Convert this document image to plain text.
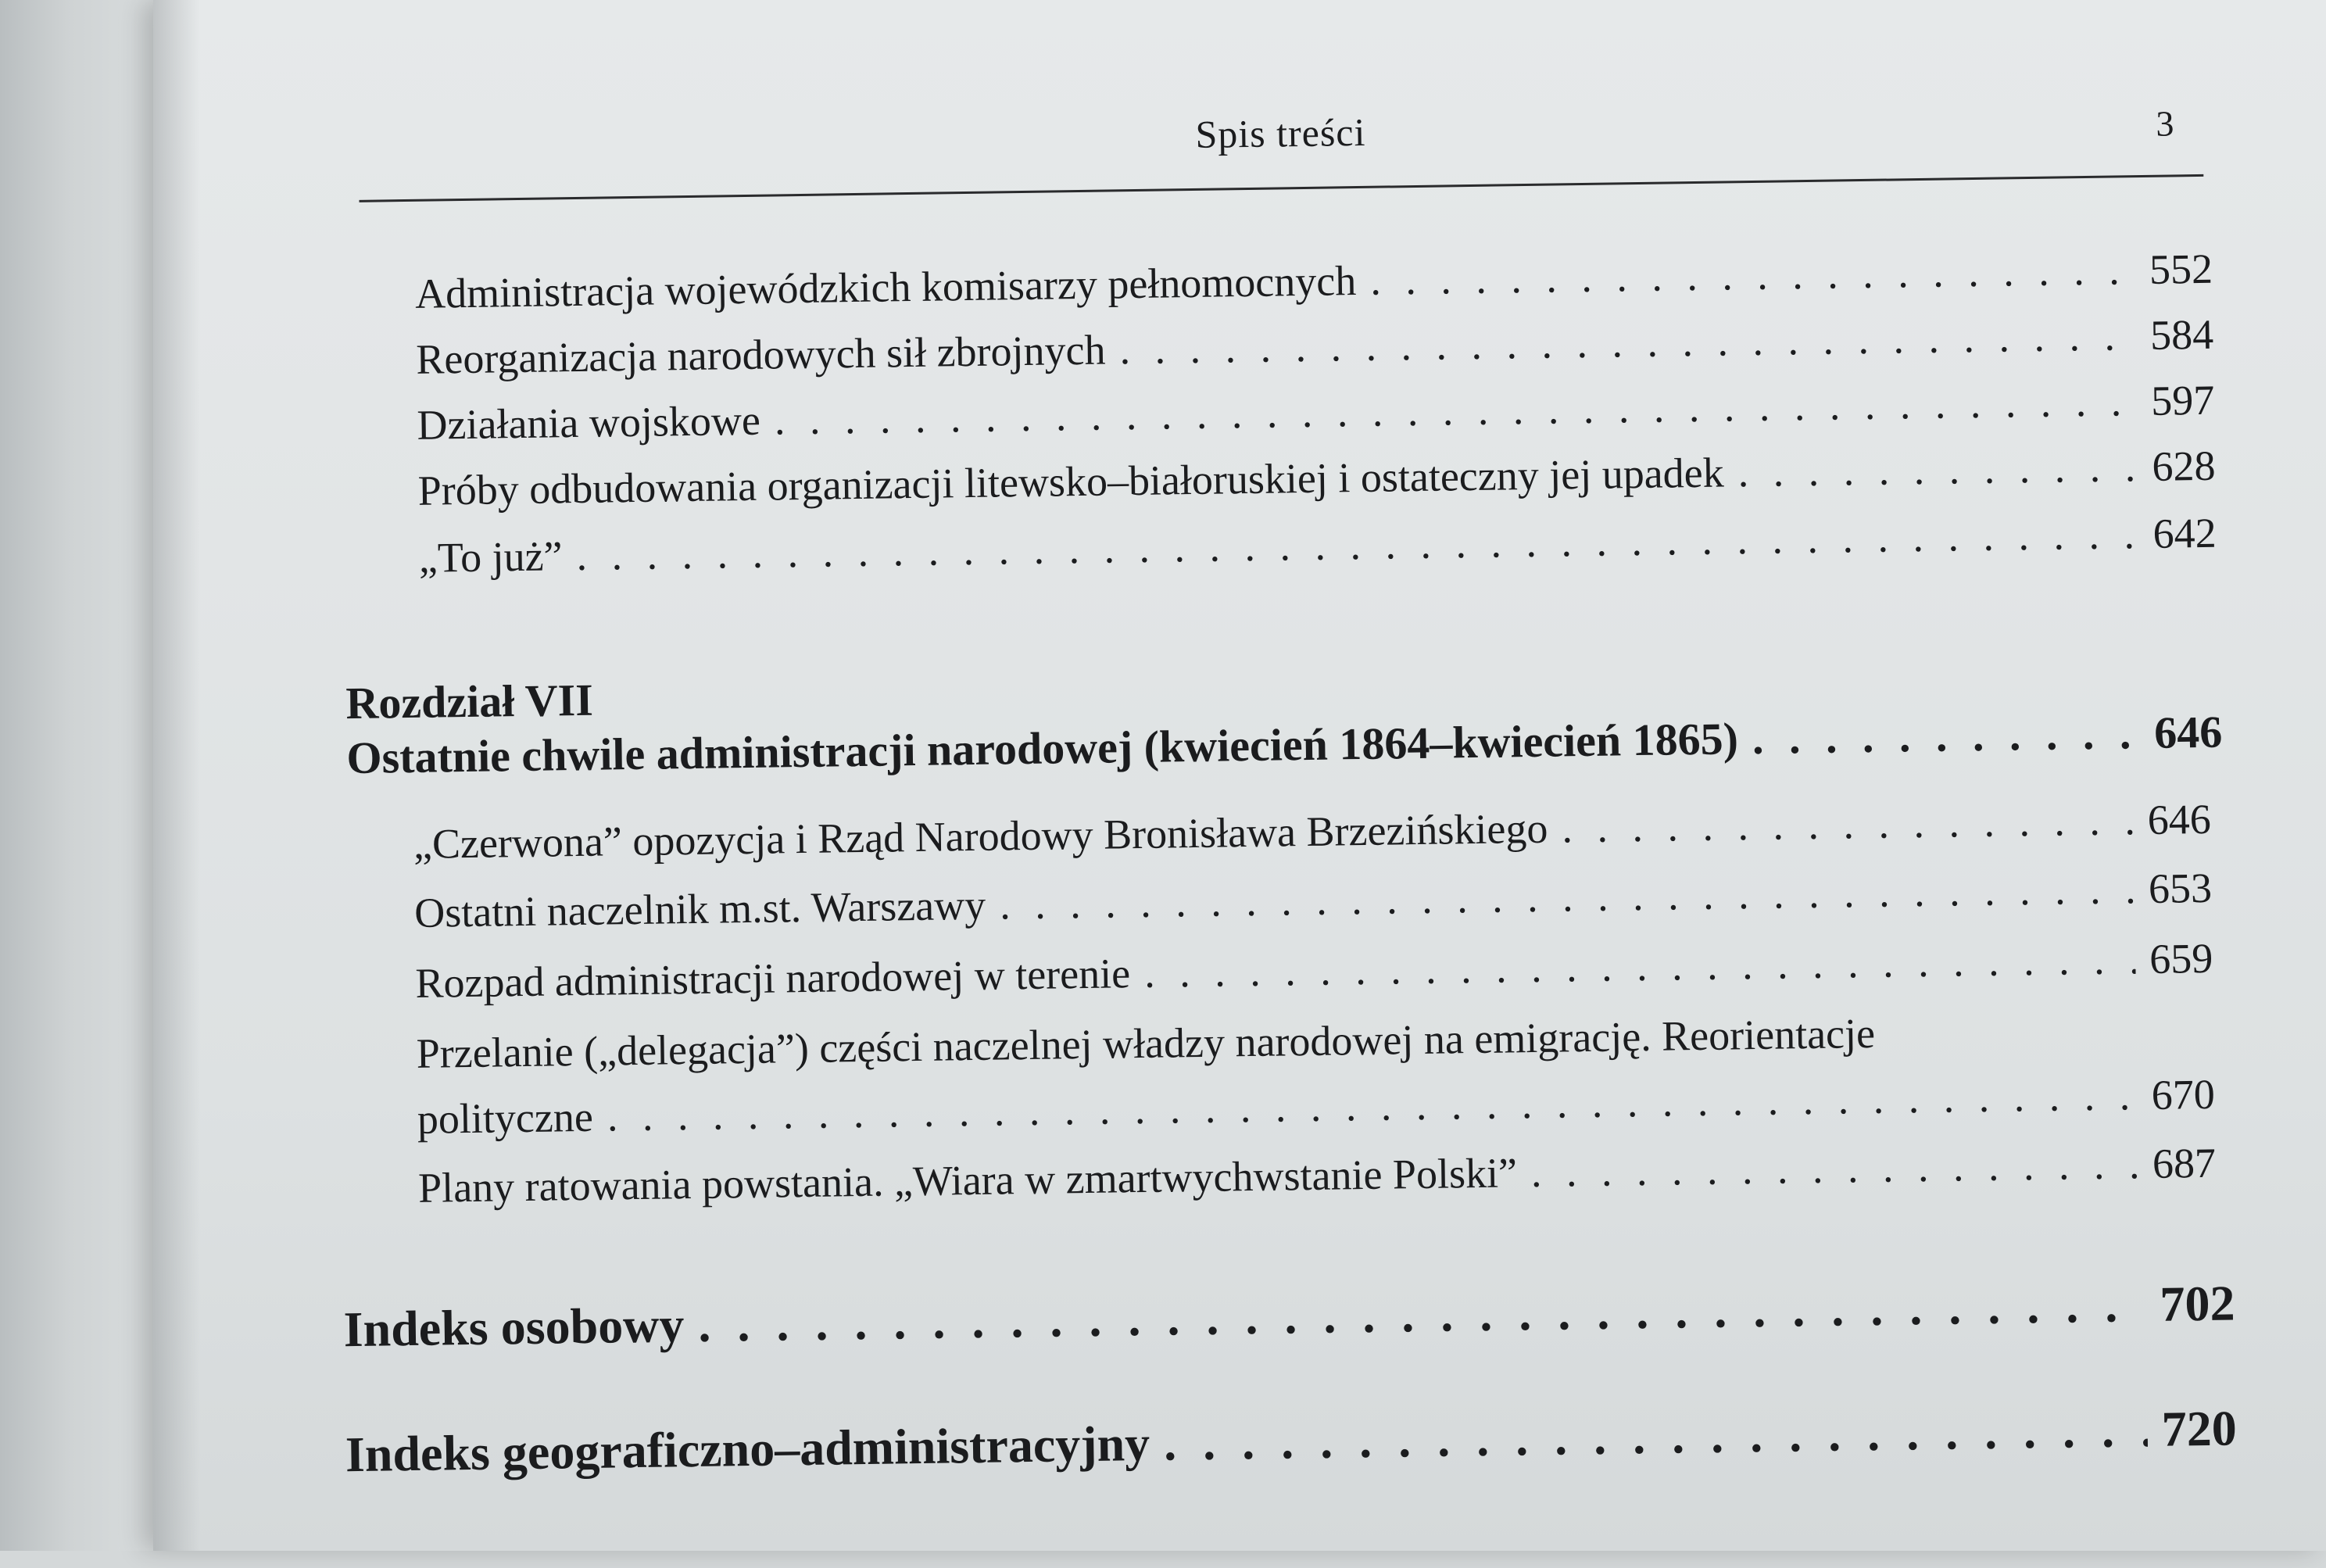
Spis treści	3
Administracja wojewódzkich komisarzy pełnomocnych . . .	552
Reorganizacja narodowych sił zbrojnych . . .	584
Działania wojskowe . . .	597
Próby odbudowania organizacji litewsko–białoruskiej i ostateczny jej upadek . . .	628
„To już” . . .	642
Rozdział VII
Ostatnie chwile administracji narodowej (kwiecień 1864–kwiecień 1865) . . .	646
„Czerwona” opozycja i Rząd Narodowy Bronisława Brzezińskiego . . .	646
Ostatni naczelnik m.st. Warszawy . . .	653
Rozpad administracji narodowej w terenie . . .	659
Przelanie („delegacja”) części naczelnej władzy narodowej na emigrację. Reorientacje
polityczne . . .	670
Plany ratowania powstania. „Wiara w zmartwychwstanie Polski” . . .	687
Indeks osobowy . . .	702
Indeks geograficzno–administracyjny . . .	720
